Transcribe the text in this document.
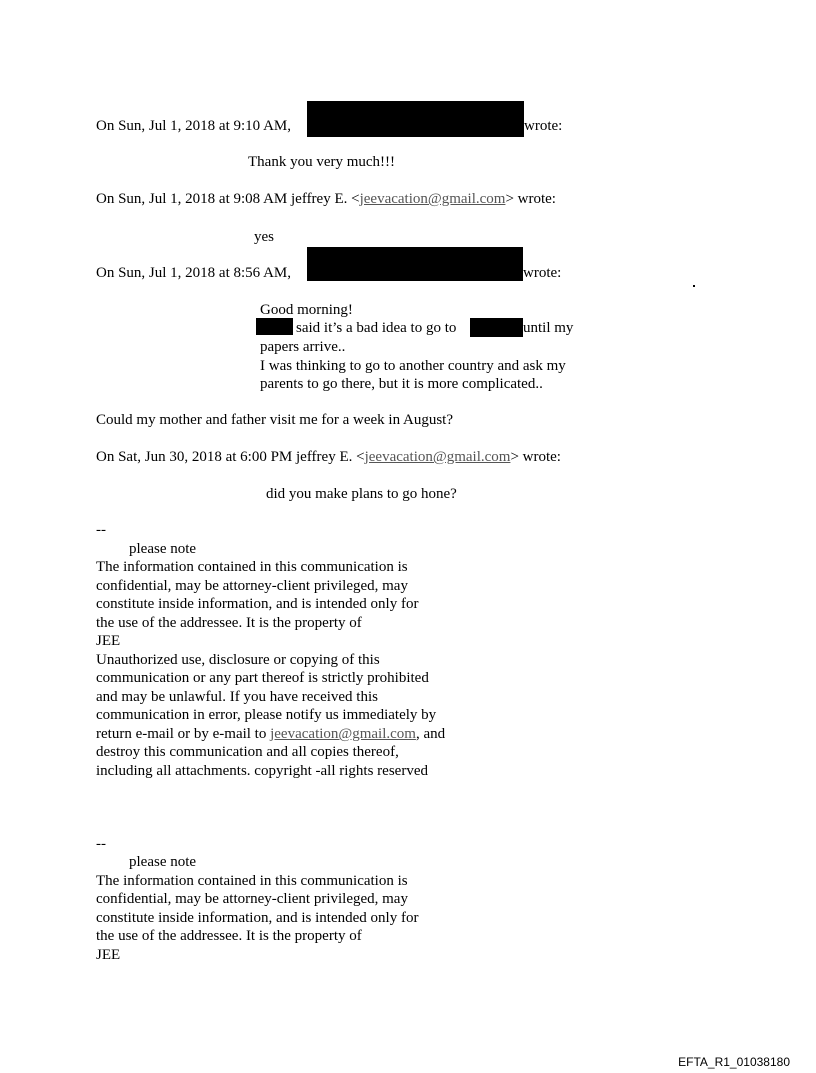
On Sun, Jul 1, 2018 at 9:10 AM,	wrote:
Thank you very much!!!
On Sun, Jul 1, 2018 at 9:08 AM jeffrey E. <jeevacation@gmail.com> wrote:
yes
On Sun, Jul 1, 2018 at 8:56 AM,	wrote:
Good morning!
said it’s a bad idea to go to	until my
papers arrive..
I was thinking to go to another country and ask my
parents to go there, but it is more complicated..
Could my mother and father visit me for a week in August?
On Sat, Jun 30, 2018 at 6:00 PM jeffrey E. <jeevacation@gmail.com> wrote:
did you make plans to go hone?
--
please note
The information contained in this communication is
confidential, may be attorney-client privileged, may
constitute inside information, and is intended only for
the use of the addressee. It is the property of
JEE
Unauthorized use, disclosure or copying of this
communication or any part thereof is strictly prohibited
and may be unlawful. If you have received this
communication in error, please notify us immediately by
return e-mail or by e-mail to jeevacation@gmail.com, and
destroy this communication and all copies thereof,
including all attachments. copyright -all rights reserved
--
please note
The information contained in this communication is
confidential, may be attorney-client privileged, may
constitute inside information, and is intended only for
the use of the addressee. It is the property of
JEE
EFTA_R1_01038180
